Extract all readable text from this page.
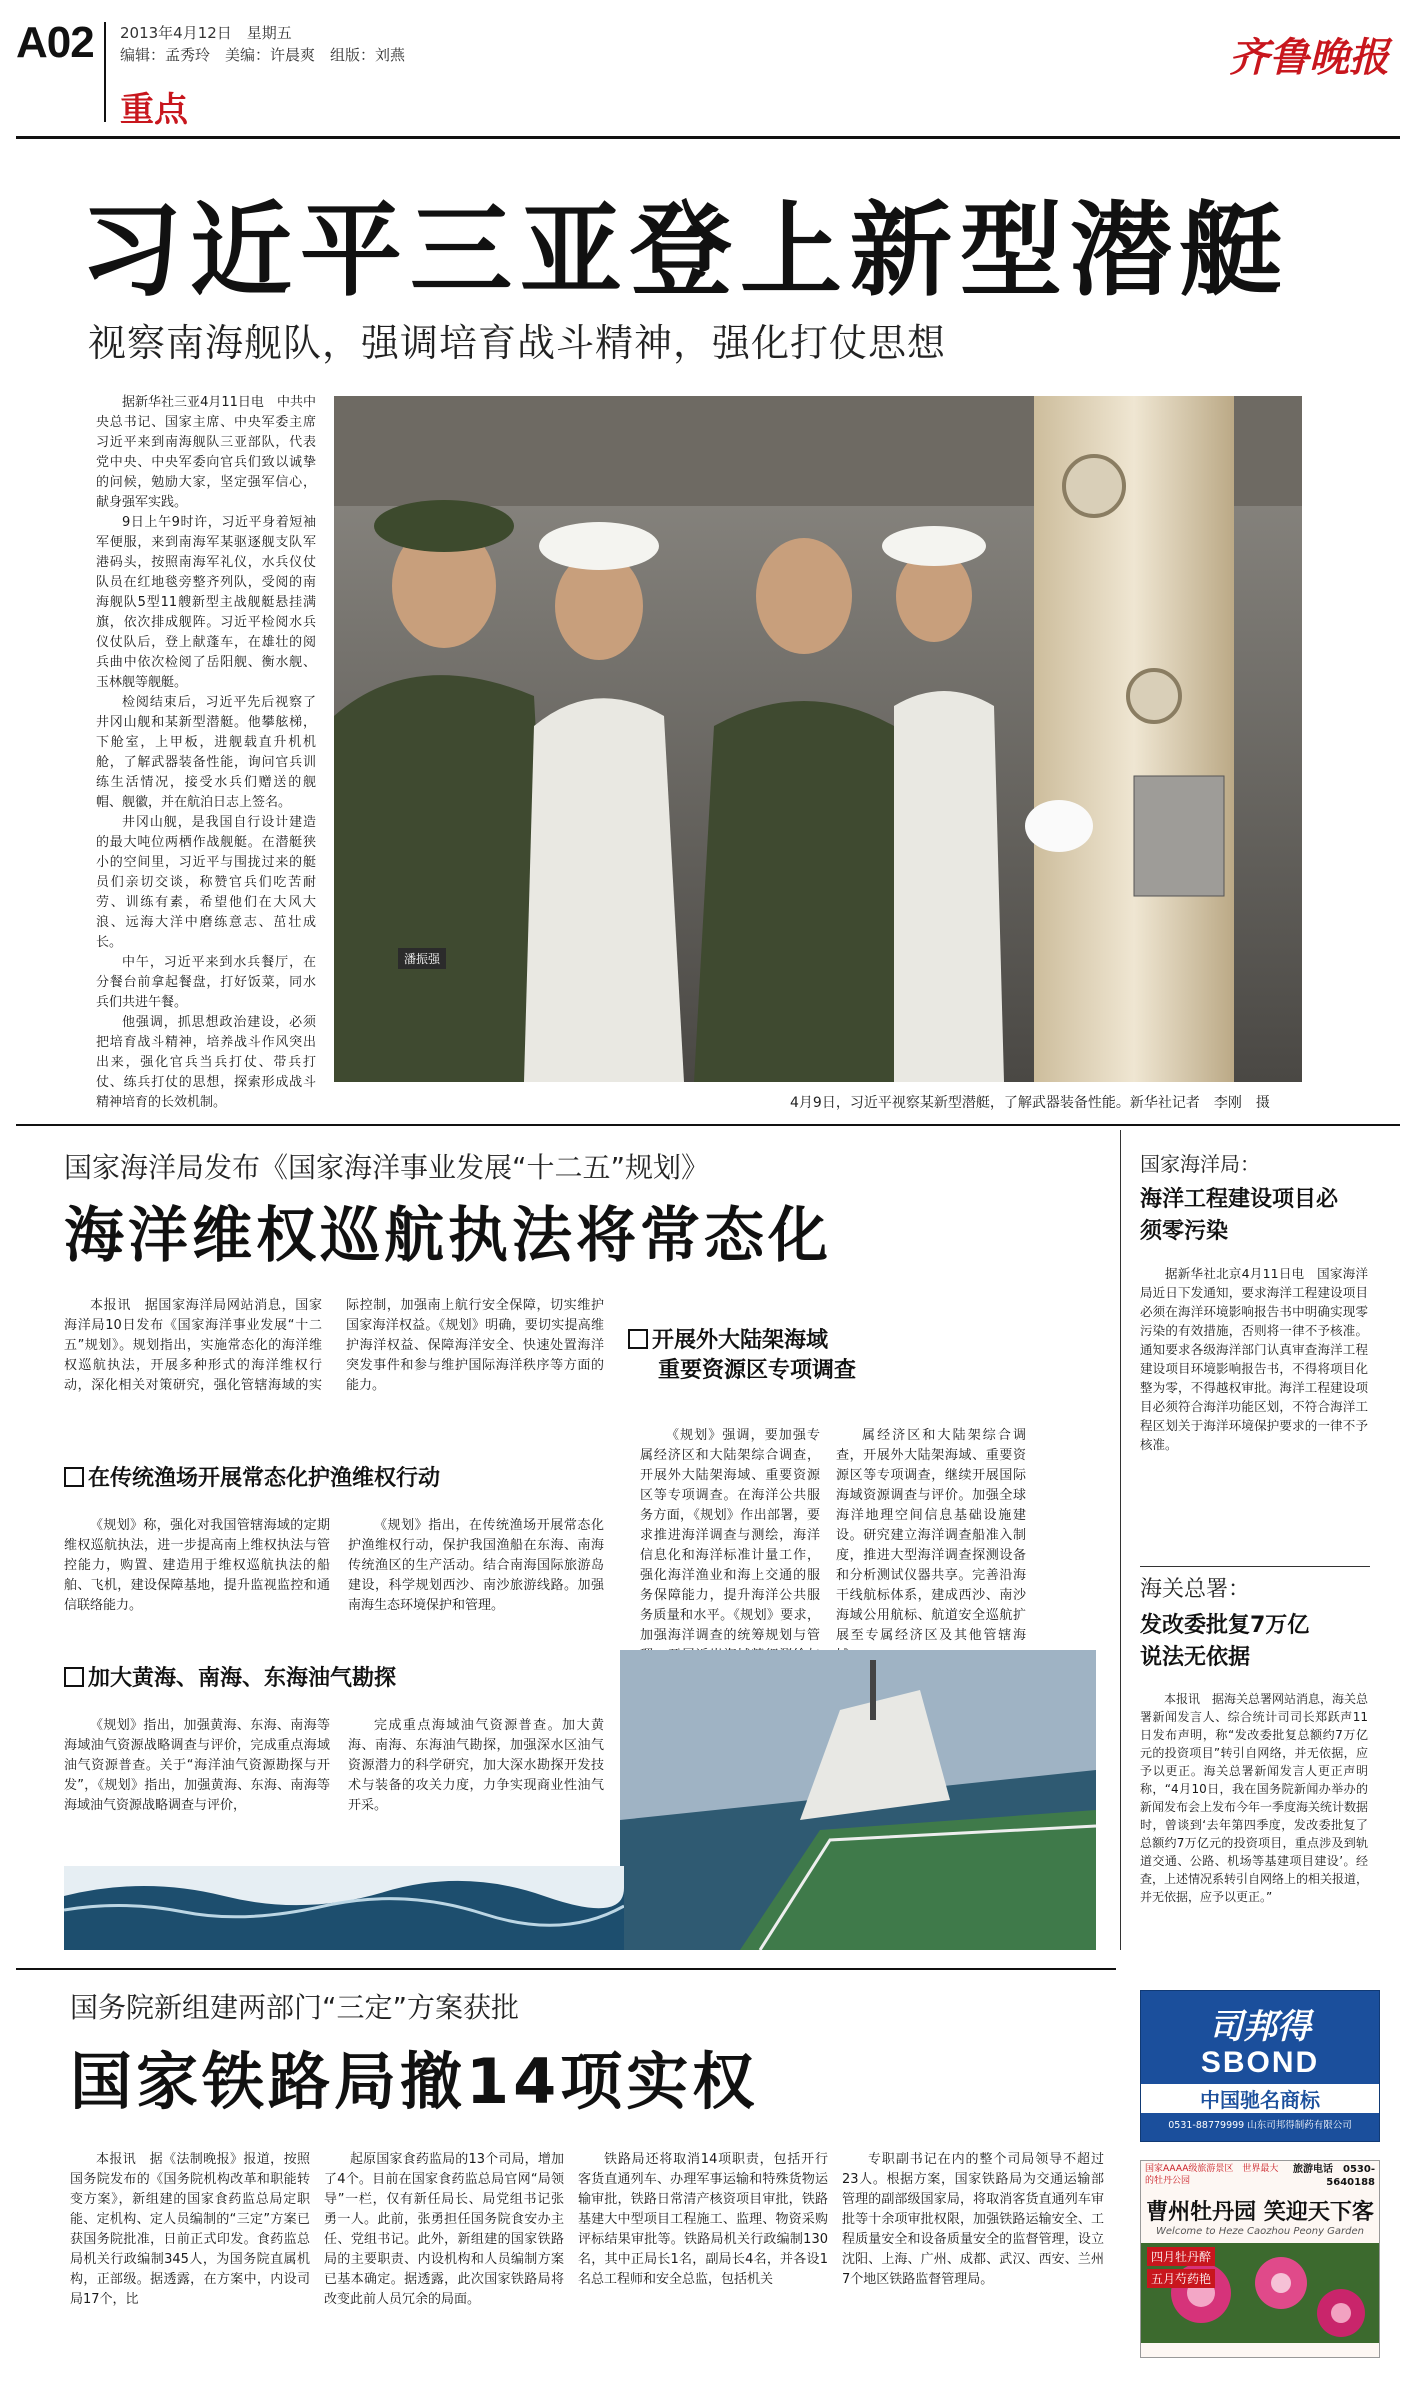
A02 2013年4月12日　星期五
编辑：孟秀玲　美编：许晨爽　组版：刘燕
重点
齐鲁晚报
习近平三亚登上新型潜艇
视察南海舰队，强调培育战斗精神，强化打仗思想

据新华社三亚4月11日电　中共中央总书记、国家主席、中央军委主席习近平来到南海舰队三亚部队，代表党中央、中央军委向官兵们致以诚挚的问候，勉励大家，坚定强军信心，献身强军实践。

9日上午9时许，习近平身着短袖军便服，来到南海军某驱逐舰支队军港码头，按照南海军礼仪，水兵仪仗队员在红地毯旁整齐列队，受阅的南海舰队5型11艘新型主战舰艇悬挂满旗，依次排成舰阵。习近平检阅水兵仪仗队后，登上献蓬车，在雄壮的阅兵曲中依次检阅了岳阳舰、衡水舰、玉林舰等舰艇。

检阅结束后，习近平先后视察了井冈山舰和某新型潜艇。他攀舷梯，下舱室，上甲板，进舰载直升机机舱，了解武器装备性能，询问官兵训练生活情况，接受水兵们赠送的舰帽、舰徽，并在航泊日志上签名。

井冈山舰，是我国自行设计建造的最大吨位两栖作战舰艇。在潜艇狭小的空间里，习近平与围拢过来的艇员们亲切交谈，称赞官兵们吃苦耐劳、训练有素，希望他们在大风大浪、远海大洋中磨练意志、茁壮成长。

中午，习近平来到水兵餐厅，在分餐台前拿起餐盘，打好饭菜，同水兵们共进午餐。

他强调，抓思想政治建设，必须把培育战斗精神，培养战斗作风突出出来，强化官兵当兵打仗、带兵打仗、练兵打仗的思想，探索形成战斗精神培育的长效机制。

潘振强
4月9日，习近平视察某新型潜艇，了解武器装备性能。新华社记者　李刚　摄
国家海洋局发布《国家海洋事业发展“十二五”规划》
海洋维权巡航执法将常态化

本报讯　据国家海洋局网站消息，国家海洋局10日发布《国家海洋事业发展“十二五”规划》。规划指出，实施常态化的海洋维权巡航执法，开展多种形式的海洋维权行动，深化相关对策研究，强化管辖海域的实际控制，加强南上航行安全保障，切实维护国家海洋权益。《规划》明确，要切实提高维护海洋权益、保障海洋安全、快速处置海洋突发事件和参与维护国际海洋秩序等方面的能力。

在传统渔场开展常态化护渔维权行动

《规划》称，强化对我国管辖海域的定期维权巡航执法，进一步提高南上维权执法与管控能力，购置、建造用于维权巡航执法的船舶、飞机，建设保障基地，提升监视监控和通信联络能力。

《规划》指出，在传统渔场开展常态化护渔维权行动，保护我国渔船在东海、南海传统渔区的生产活动。结合南海国际旅游岛建设，科学规划西沙、南沙旅游线路。加强南海生态环境保护和管理。

加大黄海、南海、东海油气勘探

《规划》指出，加强黄海、东海、南海等海域油气资源战略调查与评价，完成重点海域油气资源普查。关于“海洋油气资源勘探与开发”，《规划》指出，加强黄海、东海、南海等海域油气资源战略调查与评价，

完成重点海域油气资源普查。加大黄海、南海、东海油气勘探，加强深水区油气资源潜力的科学研究，加大深水勘探开发技术与装备的攻关力度，力争实现商业性油气开采。

开展外大陆架海域
重要资源区专项调查

《规划》强调，要加强专属经济区和大陆架综合调查，开展外大陆架海域、重要资源区等专项调查。在海洋公共服务方面，《规划》作出部署，要求推进海洋调查与测绘，海洋信息化和海洋标准计量工作，强化海洋渔业和海上交通的服务保障能力，提升海洋公共服务质量和水平。《规划》要求，加强海洋调查的统筹规划与管

属经济区和大陆架综合调查，开展外大陆架海域、重要资源区等专项调查，继续开展国际海域资源调查与评价。加强全球海洋地理空间信息基础设施建设。研究建立海洋调查船准入制度，推进大型海洋调查探测设备和分析测试仪器共享。完善沿海干线航标体系，建成西沙、南沙海域公用航标、航道安全巡航扩展至专属经济区及其他管辖海

国家海洋局：
海洋工程建设项目必须零污染

据新华社北京4月11日电　国家海洋局近日下发通知，要求海洋工程建设项目必须在海洋环境影响报告书中明确实现零污染的有效措施，否则将一律不予核准。通知要求各级海洋部门认真审查海洋工程建设项目环境影响报告书，不得将项目化整为零，不得越权审批。海洋工程建设项目必须符合海洋功能区划，不符合海洋工程区划关于海洋环境保护要求的一律不予核准。

海关总署：
发改委批复7万亿说法无依据

本报讯　据海关总署网站消息，海关总署新闻发言人、综合统计司司长郑跃声11日发布声明，称“发改委批复总额约7万亿元的投资项目”转引自网络，并无依据，应予以更正。海关总署新闻发言人更正声明称，“4月10日，我在国务院新闻办举办的新闻发布会上发布今年一季度海关统计数据时，曾谈到‘去年第四季度，发改委批复了总额约7万亿元的投资项目，重点涉及到轨道交通、公路、机场等基建项目建设’。经查，上述情况系转引自网络上的相关报道，并无依据，应予以更正。”

国务院新组建两部门“三定”方案获批
国家铁路局撤14项实权

本报讯　据《法制晚报》报道，按照国务院发布的《国务院机构改革和职能转变方案》，新组建的国家食药监总局定职能、定机构、定人员编制的“三定”方案已获国务院批准，日前正式印发。食药监总局机关行政编制345人，为国务院直属机构，正部级。据透露，在方案中，内设司局17个，比

起原国家食药监局的13个司局，增加了4个。目前在国家食药监总局官网“局领导”一栏，仅有新任局长、局党组书记张勇一人。此前，张勇担任国务院食安办主任、党组书记。此外，新组建的国家铁路局的主要职责、内设机构和人员编制方案已基本确定。据透露，此次国家铁路局将改变此前人员冗余的局面。

铁路局还将取消14项职责，包括开行客货直通列车、办理军事运输和特殊货物运输审批，铁路日常清产核资项目审批，铁路基建大中型项目工程施工、监理、物资采购评标结果审批等。铁路局机关行政编制130名，其中正局长1名，副局长4名，并各设1名总工程师和安全总监，包括机关

专职副书记在内的整个司局领导不超过23人。根据方案，国家铁路局为交通运输部管理的副部级国家局，将取消客货直通列车审批等十余项审批权限，加强铁路运输安全、工程质量安全和设备质量安全的监督管理，设立沈阳、上海、广州、成都、武汉、西安、兰州7个地区铁路监督管理局。

司邦得
SBOND
中国驰名商标
0531-88779999 山东司邦得制药有限公司
国家AAAA级旅游景区　世界最大的牡丹公园
旅游电话　0530-5640188
曹州牡丹园 笑迎天下客
Welcome to Heze Caozhou Peony Garden
四月牡丹醉
五月芍药艳
